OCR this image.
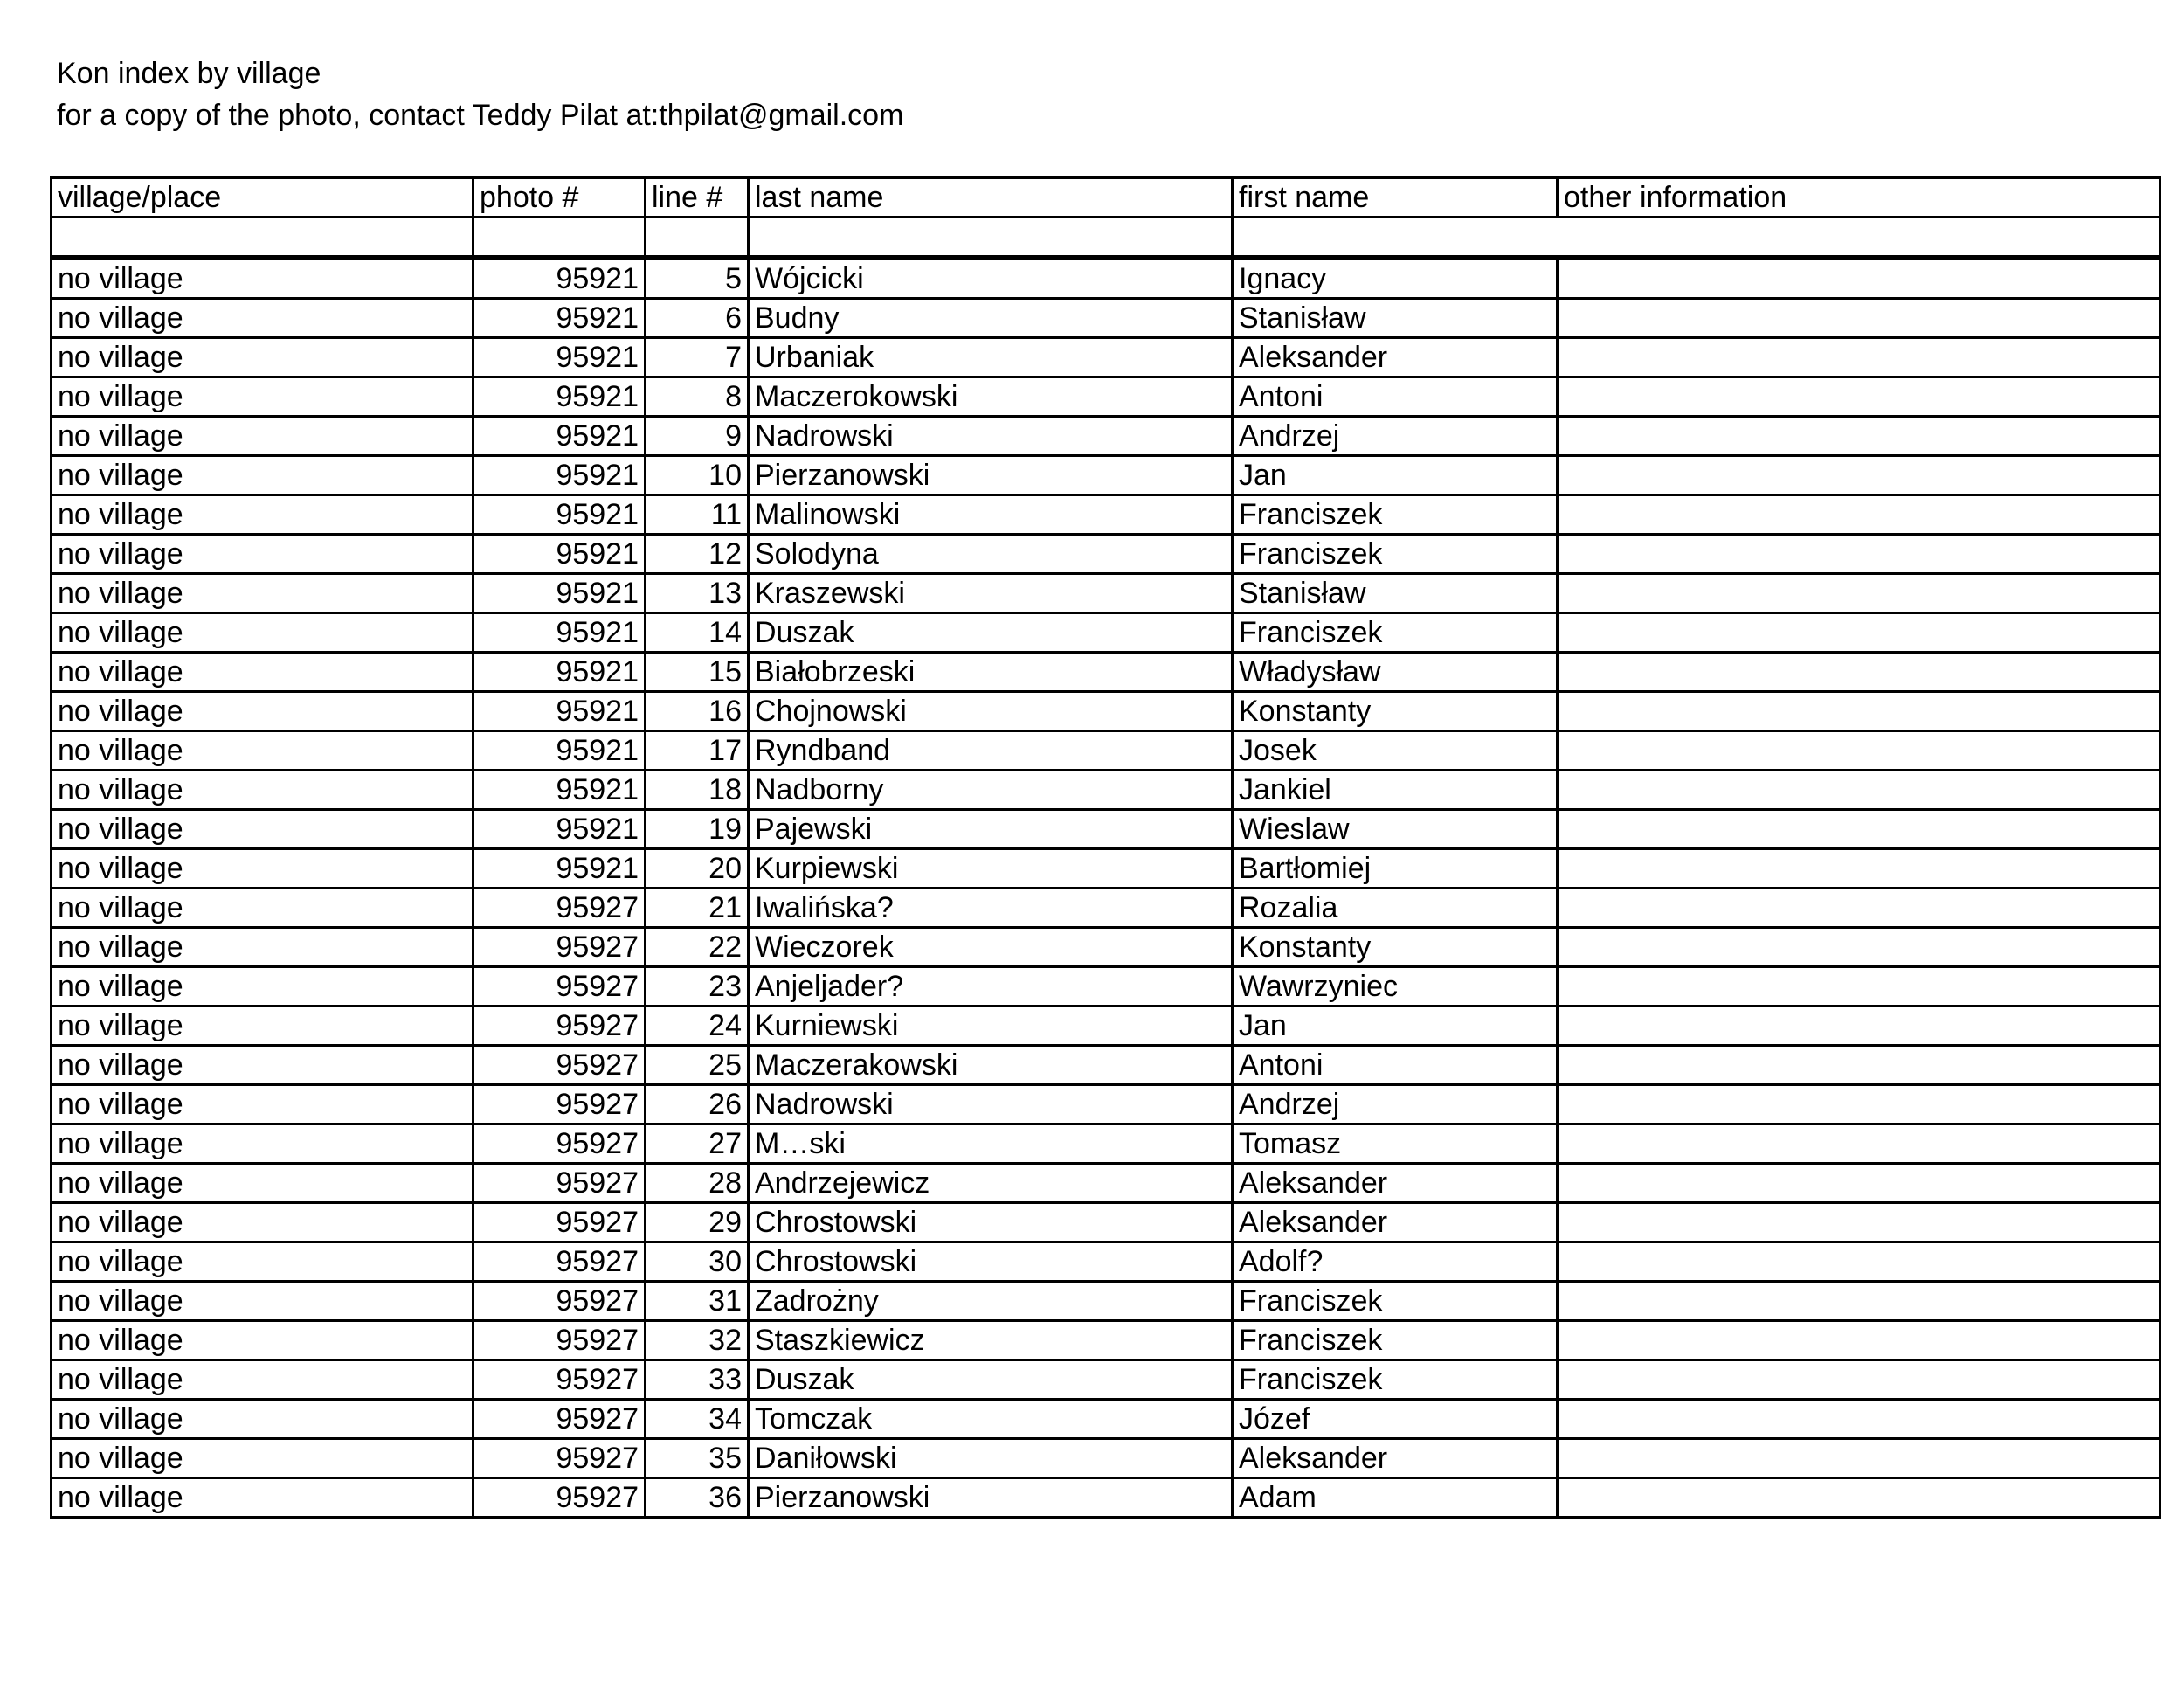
Kon index by village
for a copy of the photo, contact Teddy Pilat at:thpilat@gmail.com
village/place	photo #	line #	last name	first name	other information

no village	95921	5	Wójcicki	Ignacy	
no village	95921	6	Budny	Stanisław	
no village	95921	7	Urbaniak	Aleksander	
no village	95921	8	Maczerokowski	Antoni	
no village	95921	9	Nadrowski	Andrzej	
no village	95921	10	Pierzanowski	Jan	
no village	95921	11	Malinowski	Franciszek	
no village	95921	12	Solodyna	Franciszek	
no village	95921	13	Kraszewski	Stanisław	
no village	95921	14	Duszak	Franciszek	
no village	95921	15	Białobrzeski	Władysław	
no village	95921	16	Chojnowski	Konstanty	
no village	95921	17	Ryndband	Josek	
no village	95921	18	Nadborny	Jankiel	
no village	95921	19	Pajewski	Wieslaw	
no village	95921	20	Kurpiewski	Bartłomiej	
no village	95927	21	Iwalińska?	Rozalia	
no village	95927	22	Wieczorek	Konstanty	
no village	95927	23	Anjeljader?	Wawrzyniec	
no village	95927	24	Kurniewski	Jan	
no village	95927	25	Maczerakowski	Antoni	
no village	95927	26	Nadrowski	Andrzej	
no village	95927	27	M…ski	Tomasz	
no village	95927	28	Andrzejewicz	Aleksander	
no village	95927	29	Chrostowski	Aleksander	
no village	95927	30	Chrostowski	Adolf?	
no village	95927	31	Zadrożny	Franciszek	
no village	95927	32	Staszkiewicz	Franciszek	
no village	95927	33	Duszak	Franciszek	
no village	95927	34	Tomczak	Józef	
no village	95927	35	Daniłowski	Aleksander	
no village	95927	36	Pierzanowski	Adam	
